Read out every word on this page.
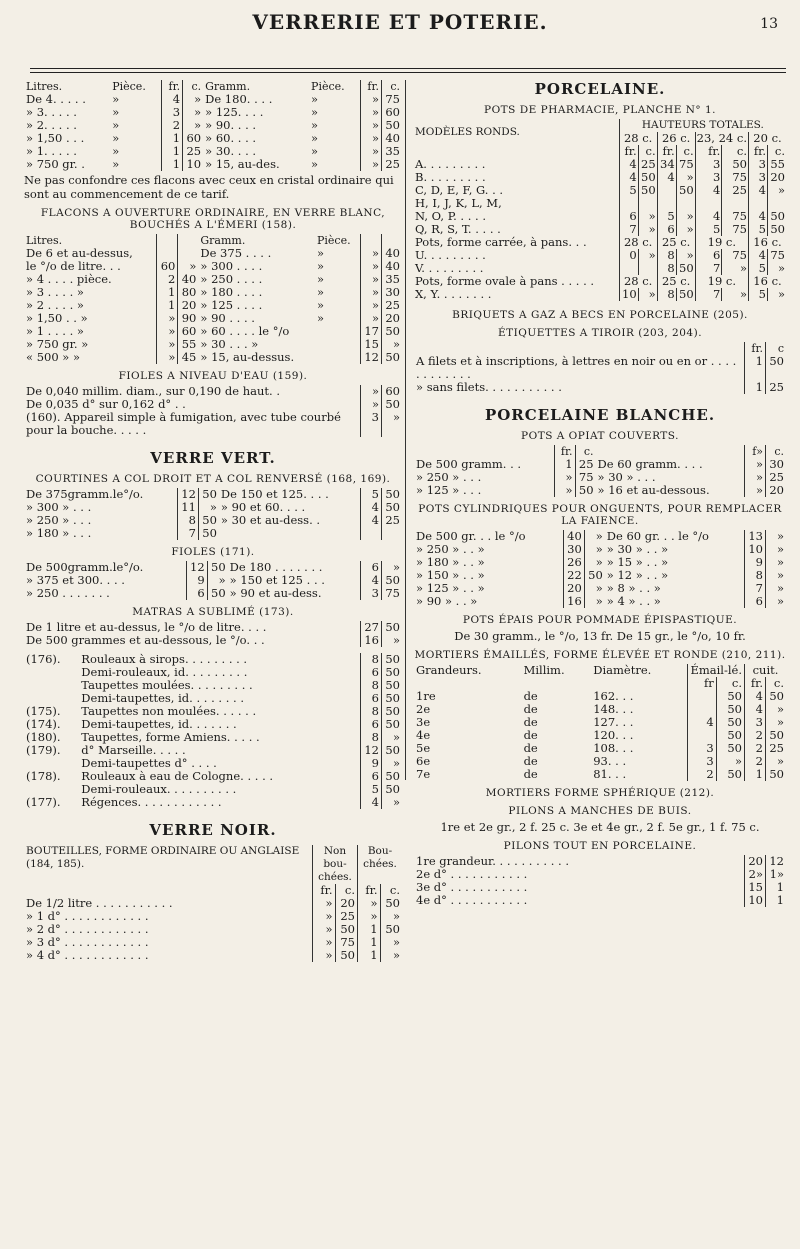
VERRERIE ET POTERIE.	13
Litres.	Pièce.	fr.	c.	Gramm.	Pièce.	fr.	c.
De 4. . . . .	»	4	»	De 180. . . .	»	»	75
» 3. . . . .	»	3	»	» 125. . . .	»	»	60
» 2. . . . .	»	2	»	» 90. . . .	»	»	50
» 1,50 . . .	»	1	60	» 60. . . .	»	»	40
» 1. . . . .	»	1	25	» 30. . . .	»	»	35
» 750 gr. .	»	1	10	» 15, au-des.	»	»	25
Ne pas confondre ces flacons avec ceux en cristal ordinaire qui sont au commencement de ce tarif.
FLACONS A OUVERTURE ORDINAIRE, EN VERRE BLANC, BOUCHÉS A L'ÉMERI (158).
Litres.			Gramm.	Pièce.		
De 6 et au-dessus,			De 375 . . . .	»	»	40
le °/o de litre. . .	60	»	» 300 . . . .	»	»	40
» 4 . . . . pièce.	2	40	» 250 . . . .	»	»	35
» 3 . . . . »	1	80	» 180 . . . .	»	»	30
» 2 . . . . »	1	20	» 125 . . . .	»	»	25
» 1,50 . . »	»	90	» 90 . . . .	»	»	20
» 1 . . . . »	»	60	» 60 . . . . le °/o		17	50
» 750 gr. »	»	55	» 30 . . . »		15	»
« 500 » »	»	45	» 15, au-dessus.		12	50
FIOLES A NIVEAU D'EAU (159).
De 0,040 millim. diam., sur 0,190 de haut. .	»	60
De 0,035 d° sur 0,162 d° . .	»	50
(160). Appareil simple à fumigation, avec tube courbé pour la bouche. . . . .	3	»
VERRE VERT.
COURTINES A COL DROIT ET A COL RENVERSÉ (168, 169).
De 375gramm.le°/o.	12	50	De 150 et 125. . . .	5	50
» 300 » . . .	11	»	» 90 et 60. . . .	4	50
» 250 » . . .	8	50	» 30 et au-dess. .	4	25
» 180 » . . .	7	50			
FIOLES (171).
De 500gramm.le°/o.	12	50	De 180 . . . . . . .	6	»
» 375 et 300. . . .	9	»	» 150 et 125 . . .	4	50
» 250 . . . . . . .	6	50	» 90 et au-dess.	3	75
MATRAS A SUBLIMÉ (173).
De 1 litre et au-dessus, le °/o de litre. . . .	27	50
De 500 grammes et au-dessous, le °/o. . .	16	»
(176).	Rouleaux à sirops. . . . . . . . .	8	50
	Demi-rouleaux, id. . . . . . . . .	6	50
	Taupettes moulées. . . . . . . . .	8	50
	Demi-taupettes, id. . . . . . . .	6	50
(175).	Taupettes non moulées. . . . . .	8	50
(174).	Demi-taupettes, id. . . . . . .	6	50
(180).	Taupettes, forme Amiens. . . . .	8	»
(179).	d° Marseille. . . . .	12	50
	Demi-taupettes d° . . . .	9	»
(178).	Rouleaux à eau de Cologne. . . . .	6	50
	Demi-rouleaux. . . . . . . . . .	5	50
(177).	Régences. . . . . . . . . . . .	4	»
VERRE NOIR.
BOUTEILLES, FORME ORDINAIRE OU ANGLAISE (184, 185).	Non bou-chées.		Bou-chées.	
	fr.	c.	fr.	c.
De 1/2 litre . . . . . . . . . . .	»	20	»	50
» 1 d° . . . . . . . . . . . .	»	25	»	»
» 2 d° . . . . . . . . . . . .	»	50	1	50
» 3 d° . . . . . . . . . . . .	»	75	1	»
» 4 d° . . . . . . . . . . . .	»	50	1	»
PORCELAINE.
POTS DE PHARMACIE, PLANCHE N° 1.
MODÈLES RONDS.	HAUTEURS TOTALES.							
	28 c.		26 c.		23, 24 c.		20 c.	
	fr.	c.	fr.	c.	fr.	c.	fr.	c.
A. . . . . . . . .	4	25	34	75	3	50	3	55
B. . . . . . . . .	4	50	4	»	3	75	3	20
C, D, E, F, G. . .	5	50		50	4	25	4	»
H, I, J, K, L, M,								
N, O, P. . . . .	6	»	5	»	4	75	4	50
Q, R, S, T. . . . .	7	»	6	»	5	75	5	50
Pots, forme carrée, à pans. . .	28 c.		25 c.		19 c.		16 c.	
U. . . . . . . . .	0	»	8	»	6	75	4	75
V. . . . . . . . .			8	50	7	»	5	»
Pots, forme ovale à pans . . . . .	28 c.		25 c.		19 c.		16 c.	
X, Y. . . . . . . .	10	»	8	50	7	»	5	»
BRIQUETS A GAZ A BECS EN PORCELAINE (205).
ÉTIQUETTES A TIROIR (203, 204).
	fr.	c
A filets et à inscriptions, à lettres en noir ou en or . . . . . . . . . . . .	1	50
» sans filets. . . . . . . . . . .	1	25
PORCELAINE BLANCHE.
POTS A OPIAT COUVERTS.
	fr.	c.		f»	c.
De 500 gramm. . .	1	25	De 60 gramm. . . .	»	30
» 250 » . . .	»	75	» 30 » . . .	»	25
» 125 » . . .	»	50	» 16 et au-dessous.	»	20
POTS CYLINDRIQUES POUR ONGUENTS, POUR REMPLACER LA FAIENCE.
De 500 gr. . . le °/o	40	»	De 60 gr. . . le °/o	13	»
» 250 » . . »	30	»	» 30 » . . »	10	»
» 180 » . . »	26	»	» 15 » . . »	9	»
» 150 » . . »	22	50	» 12 » . . »	8	»
» 125 » . . »	20	»	» 8 » . . »	7	»
» 90 » . . »	16	»	» 4 » . . »	6	»
POTS ÉPAIS POUR POMMADE ÉPISPASTIQUE.
De 30 gramm., le °/o, 13 fr. De 15 gr., le °/o, 10 fr.
MORTIERS ÉMAILLÉS, FORME ÉLEVÉE ET RONDE (210, 211).
Grandeurs.	Millim.	Diamètre.	Émail-lé.		cuit.	
			fr	c.	fr.	c.
1re	de	162. . .		50	4	50
2e	de	148. . .		50	4	»
3e	de	127. . .	4	50	3	»
4e	de	120. . .		50	2	50
5e	de	108. . .	3	50	2	25
6e	de	93. . .	3	»	2	»
7e	de	81. . .	2	50	1	50
MORTIERS FORME SPHÉRIQUE (212).
PILONS A MANCHES DE BUIS.
1re et 2e gr., 2 f. 25 c. 3e et 4e gr., 2 f. 5e gr., 1 f. 75 c.
PILONS TOUT EN PORCELAINE.
1re grandeur. . . . . . . . . . .	20	12
2e d° . . . . . . . . . . .	2»	1»
3e d° . . . . . . . . . . .	15	1
4e d° . . . . . . . . . . .	10	1
